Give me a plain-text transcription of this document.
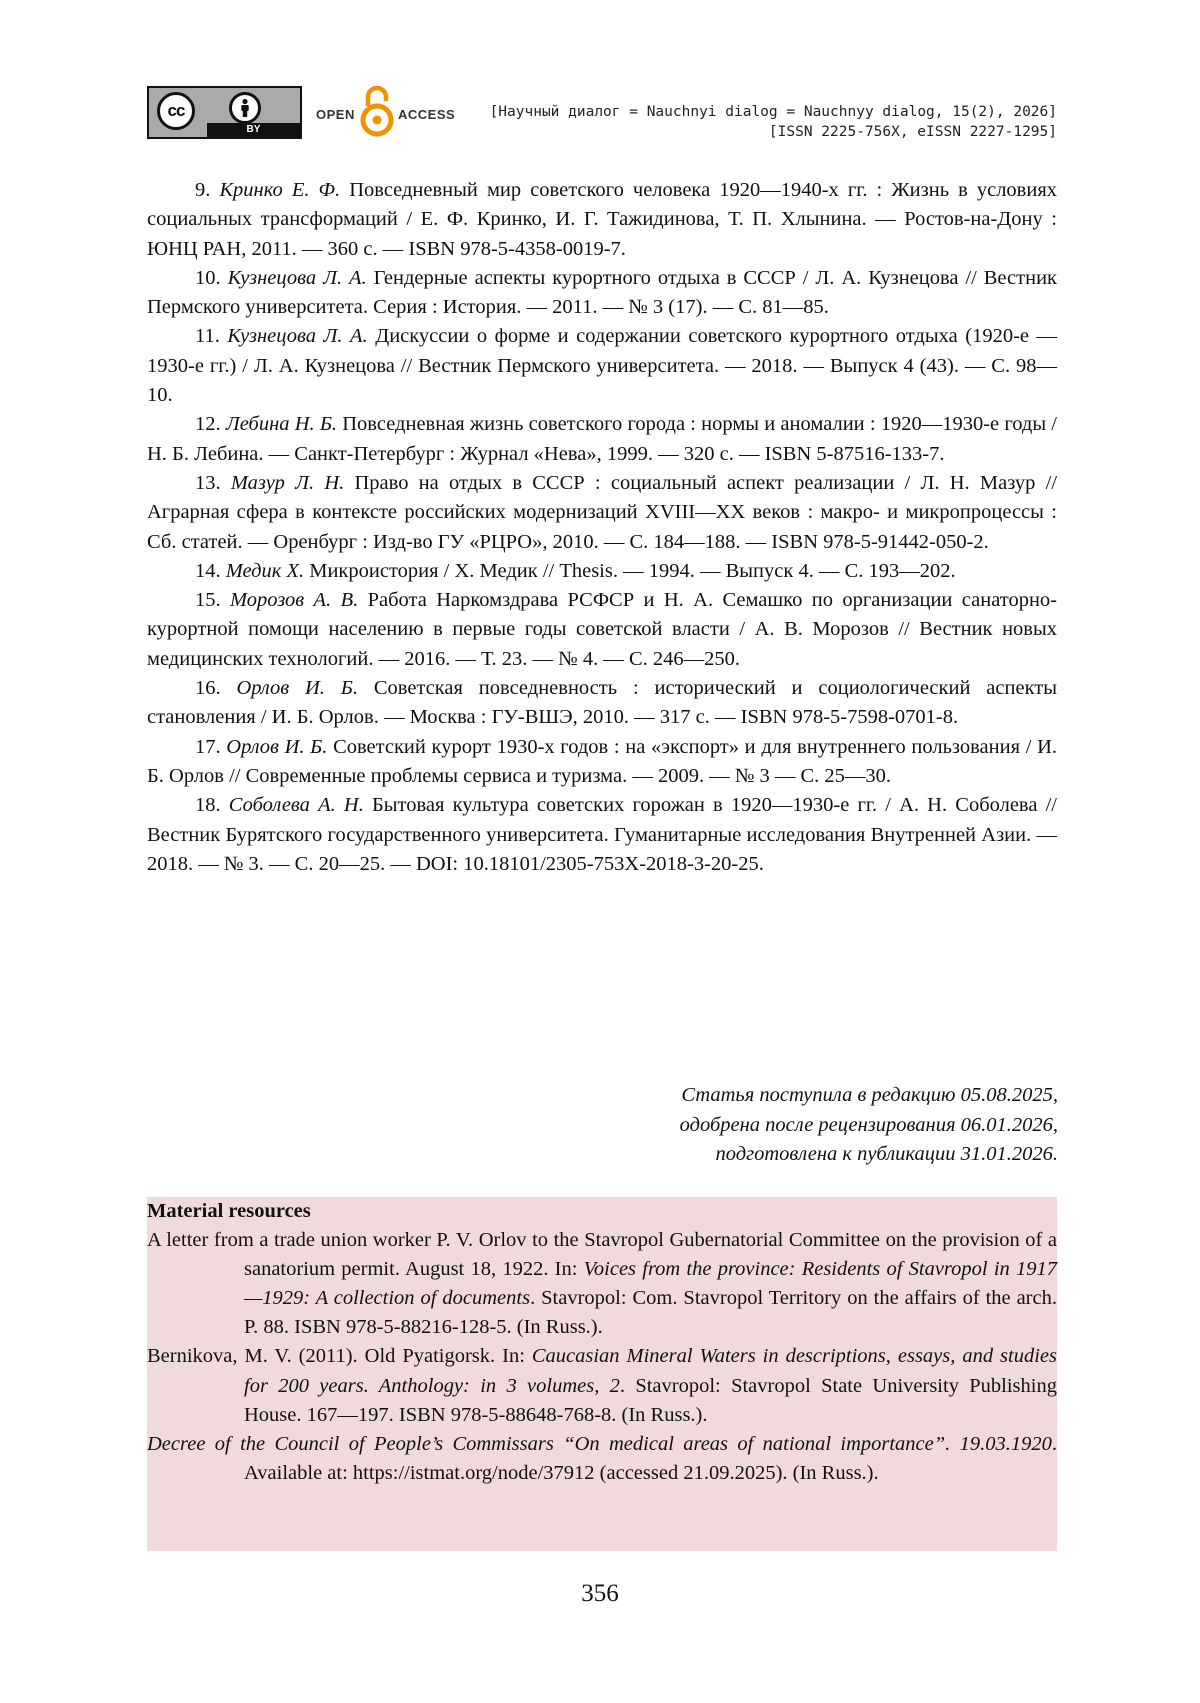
cc
BY
OPEN	ACCESS [Научный диалог = Nauchnyi dialog = Nauchnyy dialog, 15(2), 2026]
[ISSN 2225-756X, eISSN 2227-1295]

9. Кринко Е. Ф. Повседневный мир советского человека 1920—1940-х гг. : Жизнь в условиях социальных трансформаций / Е. Ф. Кринко, И. Г. Тажидинова, Т. П. Хлынина. — Ростов-на-Дону : ЮНЦ РАН, 2011. — 360 с. — ISBN 978-5-4358-0019-7.

10. Кузнецова Л. А. Гендерные аспекты курортного отдыха в СССР / Л. А. Кузнецова // Вестник Пермского университета. Серия : История. — 2011. — № 3 (17). — С. 81—85.

11. Кузнецова Л. А. Дискуссии о форме и содержании советского курортного отдыха (1920-е — 1930-е гг.) / Л. А. Кузнецова // Вестник Пермского университета. — 2018. — Выпуск 4 (43). — С. 98—10.

12. Лебина Н. Б. Повседневная жизнь советского города : нормы и аномалии : 1920—1930-е годы / Н. Б. Лебина. — Санкт-Петербург : Журнал «Нева», 1999. — 320 с. — ISBN 5-87516-133-7.

13. Мазур Л. Н. Право на отдых в СССР : социальный аспект реализации / Л. Н. Мазур // Аграрная сфера в контексте российских модернизаций XVIII—XX веков : макро- и микропроцессы : Сб. статей. — Оренбург : Изд-во ГУ «РЦРО», 2010. — С. 184—188. — ISBN 978-5-91442-050-2.

14. Медик Х. Микроистория / Х. Медик // Thesis. — 1994. — Выпуск 4. — С. 193—202.

15. Морозов А. В. Работа Наркомздрава РСФСР и Н. А. Семашко по организации санаторно-курортной помощи населению в первые годы советской власти / А. В. Морозов // Вестник новых медицинских технологий. — 2016. — Т. 23. — № 4. — С. 246—250.

16. Орлов И. Б. Советская повседневность : исторический и социологический аспекты становления / И. Б. Орлов. — Москва : ГУ-ВШЭ, 2010. — 317 с. — ISBN 978-5-7598-0701-8.

17. Орлов И. Б. Советский курорт 1930-х годов : на «экспорт» и для внутреннего пользования / И. Б. Орлов // Современные проблемы сервиса и туризма. — 2009. — № 3 — С. 25—30.

18. Соболева А. Н. Бытовая культура советских горожан в 1920—1930-е гг. / А. Н. Соболева // Вестник Бурятского государственного университета. Гуманитарные исследования Внутренней Азии. — 2018. — № 3. — С. 20—25. — DOI: 10.18101/2305-753X-2018-3-20-25.

Статья поступила в редакцию 05.08.2025,
одобрена после рецензирования 06.01.2026,
подготовлена к публикации 31.01.2026.

Material resources

A letter from a trade union worker P. V. Orlov to the Stavropol Gubernatorial Committee on the provision of a sanatorium permit. August 18, 1922. In: Voices from the province: Residents of Stavropol in 1917—1929: A collection of documents. Stavropol: Com. Stavropol Territory on the affairs of the arch. P. 88. ISBN 978-5-88216-128-5. (In Russ.).

Bernikova, M. V. (2011). Old Pyatigorsk. In: Caucasian Mineral Waters in descriptions, essays, and studies for 200 years. Anthology: in 3 volumes, 2. Stavropol: Stavropol State University Publishing House. 167—197. ISBN 978-5-88648-768-8. (In Russ.).

Decree of the Council of People’s Commissars “On medical areas of national importance”. 19.03.1920. Available at: https://istmat.org/node/37912 (accessed 21.09.2025). (In Russ.).

356
